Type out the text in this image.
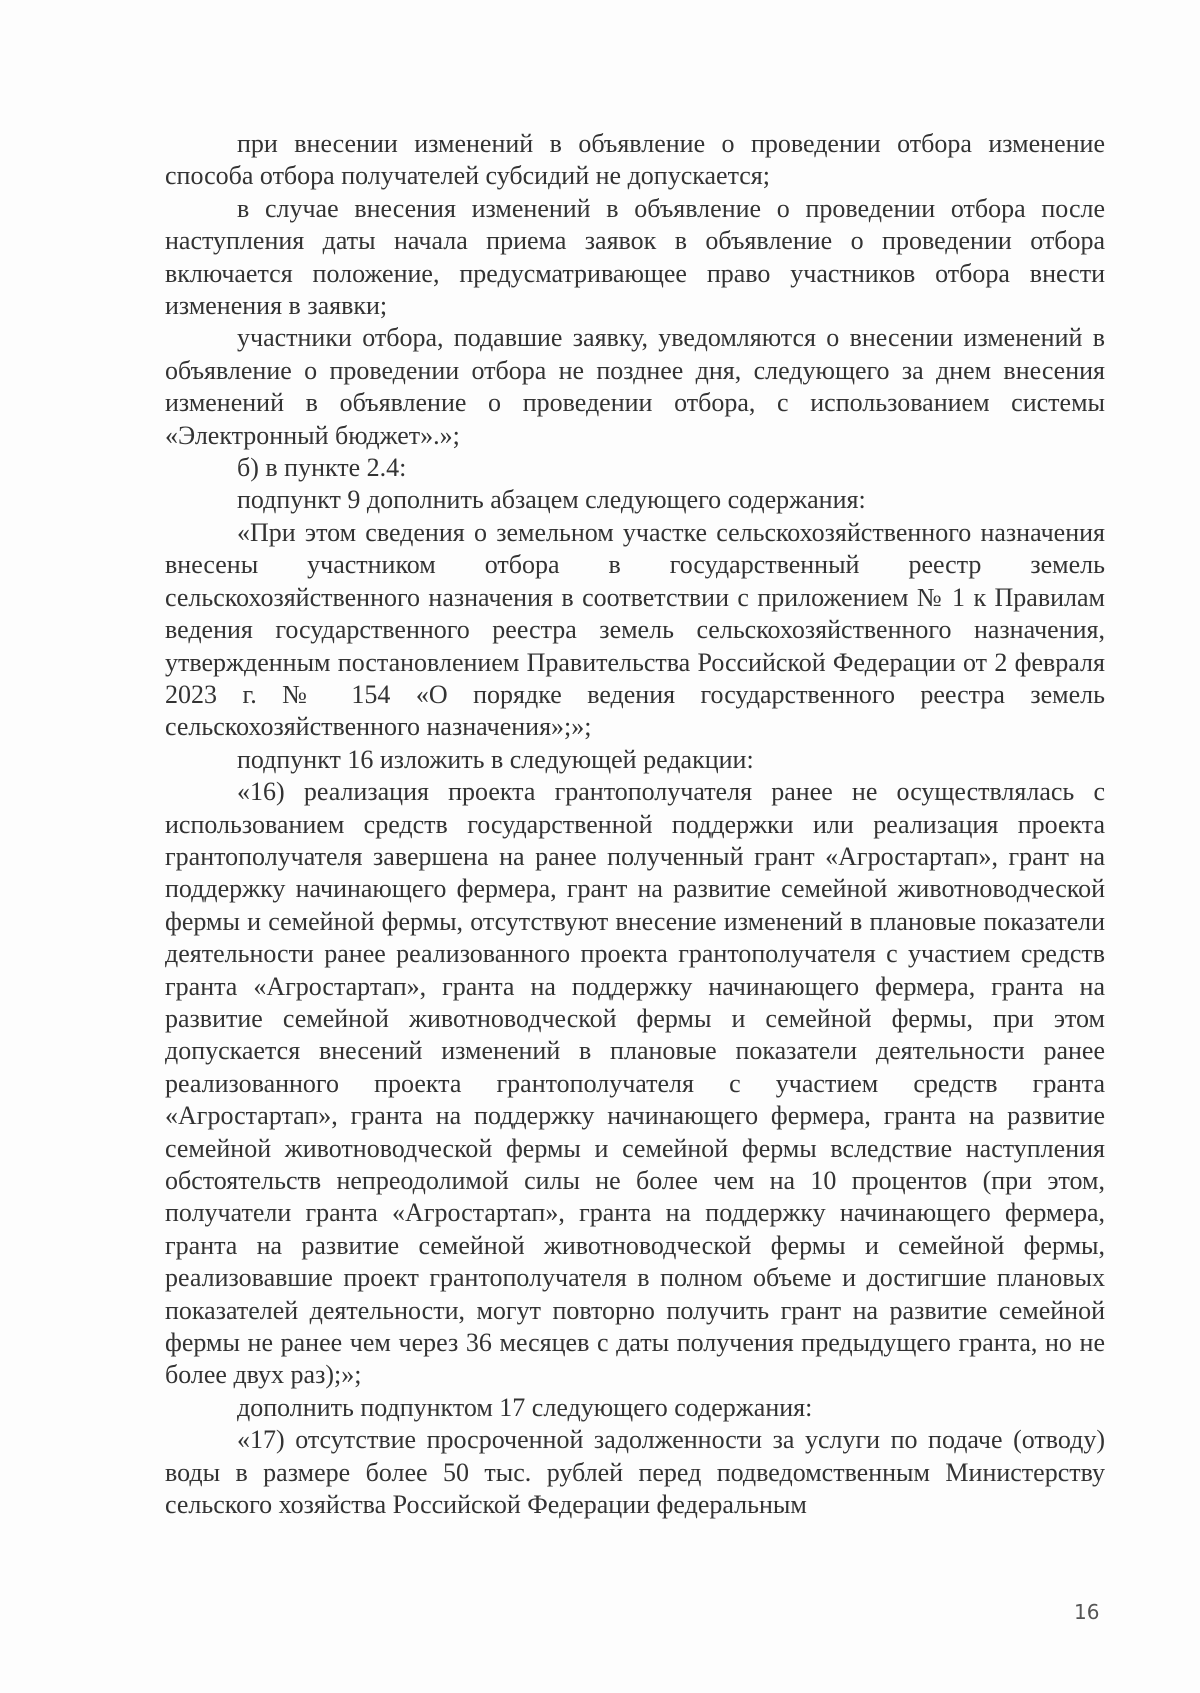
при внесении изменений в объявление о проведении отбора изменение способа отбора получателей субсидий не допускается;

в случае внесения изменений в объявление о проведении отбора после наступления даты начала приема заявок в объявление о проведении отбора включается положение, предусматривающее право участников отбора внести изменения в заявки;

участники отбора, подавшие заявку, уведомляются о внесении изменений в объявление о проведении отбора не позднее дня, следующего за днем внесения изменений в объявление о проведении отбора, с использованием системы «Электронный бюджет».»;

б) в пункте 2.4:

подпункт 9 дополнить абзацем следующего содержания:

«При этом сведения о земельном участке сельскохозяйственного назначения внесены участником отбора в государственный реестр земель сельскохозяйственного назначения в соответствии с приложением № 1 к Правилам ведения государственного реестра земель сельскохозяйственного назначения, утвержденным постановлением Правительства Российской Федерации от 2 февраля 2023 г. № 154 «О порядке ведения государственного реестра земель сельскохозяйственного назначения»;»;

подпункт 16 изложить в следующей редакции:

«16) реализация проекта грантополучателя ранее не осуществлялась с использованием средств государственной поддержки или реализация проекта грантополучателя завершена на ранее полученный грант «Агростартап», грант на поддержку начинающего фермера, грант на развитие семейной животноводческой фермы и семейной фермы, отсутствуют внесение изменений в плановые показатели деятельности ранее реализованного проекта грантополучателя с участием средств гранта «Агростартап», гранта на поддержку начинающего фермера, гранта на развитие семейной животноводческой фермы и семейной фермы, при этом допускается внесений изменений в плановые показатели деятельности ранее реализованного проекта грантополучателя с участием средств гранта «Агростартап», гранта на поддержку начинающего фермера, гранта на развитие семейной животноводческой фермы и семейной фермы вследствие наступления обстоятельств непреодолимой силы не более чем на 10 процентов (при этом, получатели гранта «Агростартап», гранта на поддержку начинающего фермера, гранта на развитие семейной животноводческой фермы и семейной фермы, реализовавшие проект грантополучателя в полном объеме и достигшие плановых показателей деятельности, могут повторно получить грант на развитие семейной фермы не ранее чем через 36 месяцев с даты получения предыдущего гранта, но не более двух раз);»;

дополнить подпунктом 17 следующего содержания:

«17) отсутствие просроченной задолженности за услуги по подаче (отводу) воды в размере более 50 тыс. рублей перед подведомственным Министерству сельского хозяйства Российской Федерации федеральным

16
